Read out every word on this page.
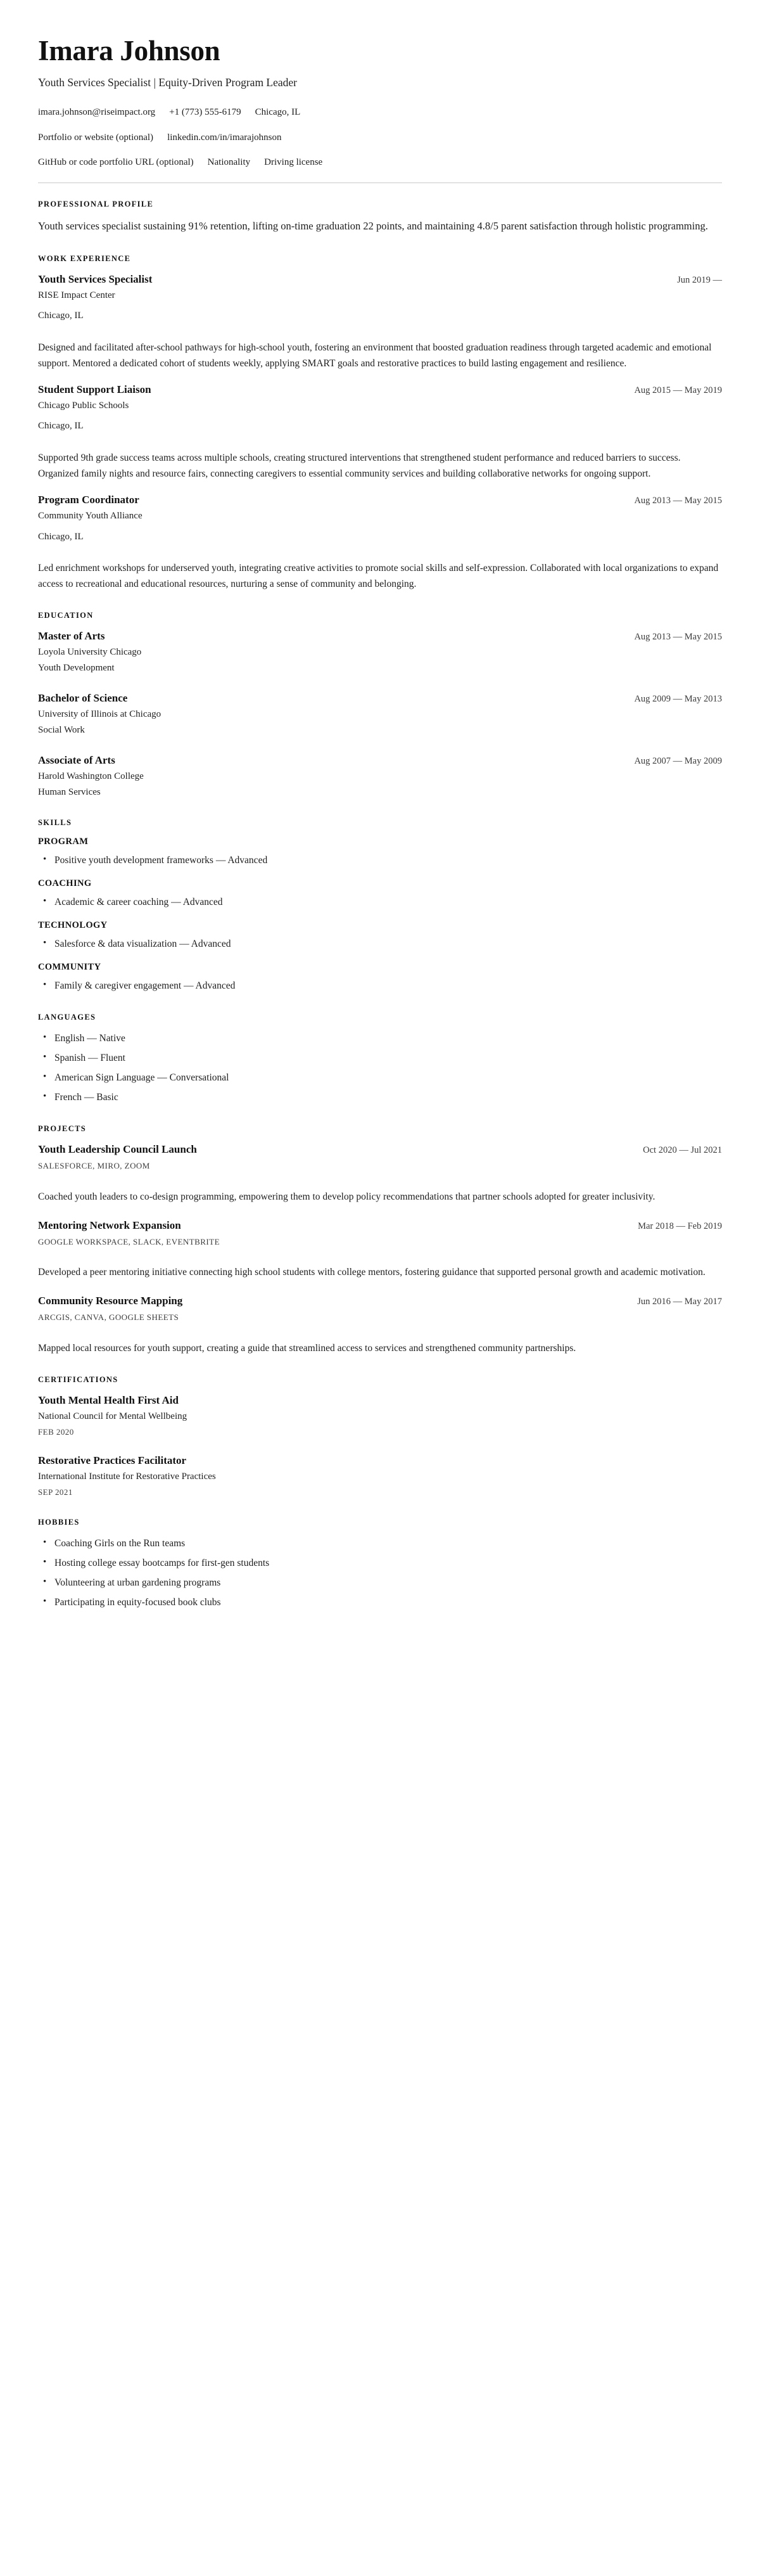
Imara Johnson
Youth Services Specialist | Equity-Driven Program Leader
imara.johnson@riseimpact.org +1 (773) 555-6179 Chicago, IL
Portfolio or website (optional) linkedin.com/in/imarajohnson
GitHub or code portfolio URL (optional) Nationality Driving license
PROFESSIONAL PROFILE

Youth services specialist sustaining 91% retention, lifting on-time graduation 22 points, and maintaining 4.8/5 parent satisfaction through holistic programming.

WORK EXPERIENCE
Youth Services Specialist	Jun 2019 —
RISE Impact Center
Chicago, IL
Designed and facilitated after-school pathways for high-school youth, fostering an environment that boosted graduation readiness through targeted academic and emotional support. Mentored a dedicated cohort of students weekly, applying SMART goals and restorative practices to build lasting engagement and resilience.
Student Support Liaison	Aug 2015 — May 2019
Chicago Public Schools
Chicago, IL
Supported 9th grade success teams across multiple schools, creating structured interventions that strengthened student performance and reduced barriers to success. Organized family nights and resource fairs, connecting caregivers to essential community services and building collaborative networks for ongoing support.
Program Coordinator	Aug 2013 — May 2015
Community Youth Alliance
Chicago, IL
Led enrichment workshops for underserved youth, integrating creative activities to promote social skills and self-expression. Collaborated with local organizations to expand access to recreational and educational resources, nurturing a sense of community and belonging.
EDUCATION
Master of Arts	Aug 2013 — May 2015
Loyola University Chicago
Youth Development
Bachelor of Science	Aug 2009 — May 2013
University of Illinois at Chicago
Social Work
Associate of Arts	Aug 2007 — May 2009
Harold Washington College
Human Services
SKILLS
PROGRAM
• Positive youth development frameworks — Advanced
COACHING
• Academic & career coaching — Advanced
TECHNOLOGY
• Salesforce & data visualization — Advanced
COMMUNITY
• Family & caregiver engagement — Advanced
LANGUAGES
• English — Native
• Spanish — Fluent
• American Sign Language — Conversational
• French — Basic
PROJECTS
Youth Leadership Council Launch	Oct 2020 — Jul 2021
SALESFORCE, MIRO, ZOOM
Coached youth leaders to co-design programming, empowering them to develop policy recommendations that partner schools adopted for greater inclusivity.
Mentoring Network Expansion	Mar 2018 — Feb 2019
GOOGLE WORKSPACE, SLACK, EVENTBRITE
Developed a peer mentoring initiative connecting high school students with college mentors, fostering guidance that supported personal growth and academic motivation.
Community Resource Mapping	Jun 2016 — May 2017
ARCGIS, CANVA, GOOGLE SHEETS
Mapped local resources for youth support, creating a guide that streamlined access to services and strengthened community partnerships.
CERTIFICATIONS
Youth Mental Health First Aid
National Council for Mental Wellbeing
FEB 2020
Restorative Practices Facilitator
International Institute for Restorative Practices
SEP 2021
HOBBIES
• Coaching Girls on the Run teams
• Hosting college essay bootcamps for first-gen students
• Volunteering at urban gardening programs
• Participating in equity-focused book clubs
